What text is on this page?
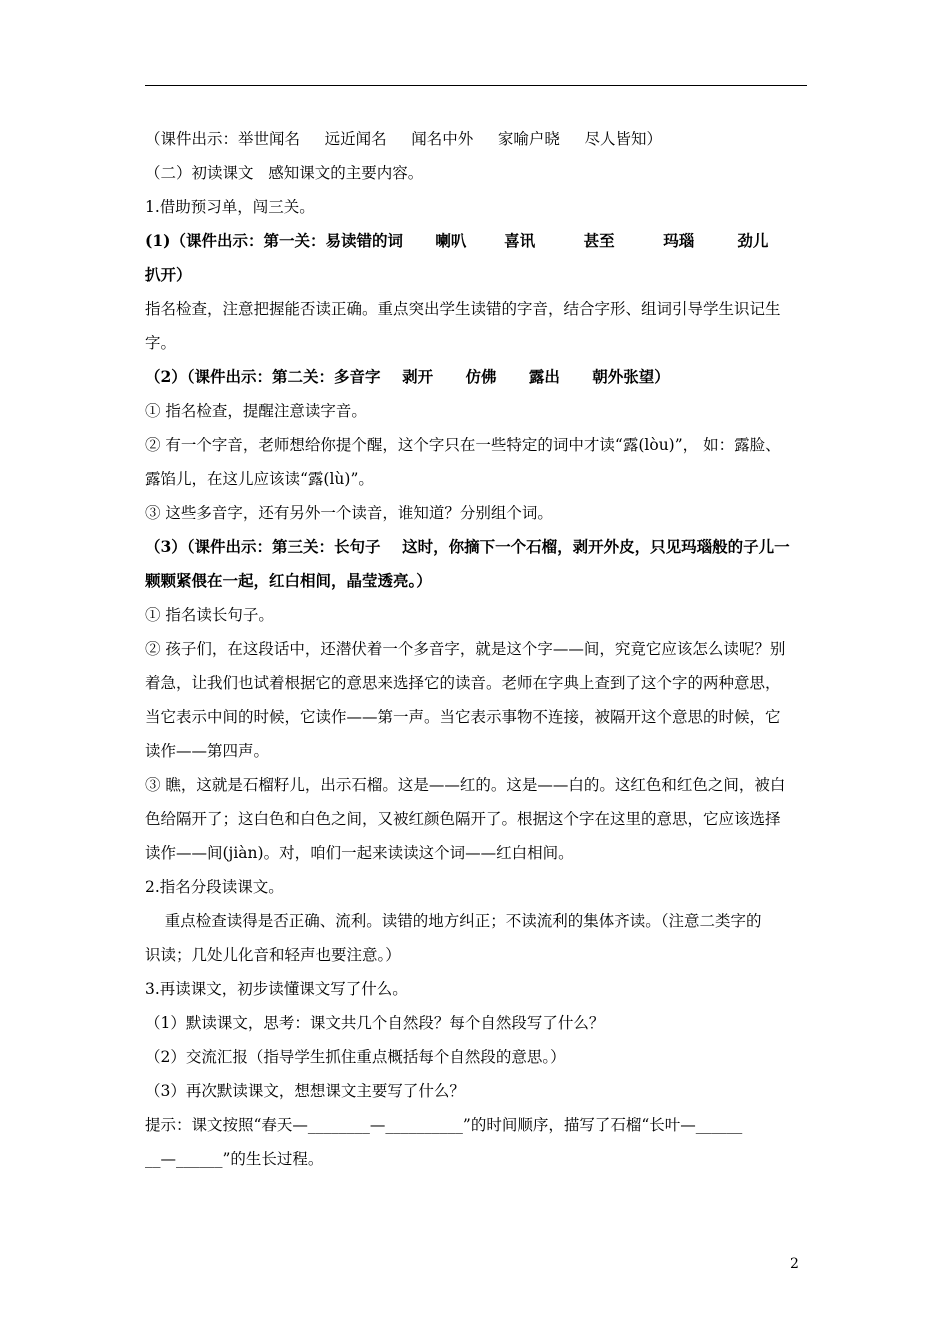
（课件出示：举世闻名     远近闻名     闻名中外     家喻户晓     尽人皆知）
（二）初读课文   感知课文的主要内容。
1.借助预习单，闯三关。
(1)（课件出示：第一关：易读错的词      喇叭       喜讯         甚至         玛瑙        劲儿
扒开）
指名检查，注意把握能否读正确。重点突出学生读错的字音，结合字形、组词引导学生识记生
字。
（2）（课件出示：第二关：多音字    剥开      仿佛      露出      朝外张望）
① 指名检查，提醒注意读字音。
② 有一个字音，老师想给你提个醒，这个字只在一些特定的词中才读“露(lòu)”， 如：露脸、
露馅儿，在这儿应该读“露(lù)”。
③ 这些多音字，还有另外一个读音，谁知道？分别组个词。
（3）（课件出示：第三关：长句子    这时，你摘下一个石榴，剥开外皮，只见玛瑙般的子儿一
颗颗紧偎在一起，红白相间，晶莹透亮。）
① 指名读长句子。
② 孩子们，在这段话中，还潜伏着一个多音字，就是这个字——间，究竟它应该怎么读呢？别
着急，让我们也试着根据它的意思来选择它的读音。老师在字典上查到了这个字的两种意思，
当它表示中间的时候，它读作——第一声。当它表示事物不连接，被隔开这个意思的时候，它
读作——第四声。
③ 瞧，这就是石榴籽儿，出示石榴。这是——红的。这是——白的。这红色和红色之间，被白
色给隔开了；这白色和白色之间，又被红颜色隔开了。根据这个字在这里的意思，它应该选择
读作——间(jiàn)。对，咱们一起来读读这个词——红白相间。
2.指名分段读课文。
重点检查读得是否正确、流利。读错的地方纠正；不读流利的集体齐读。（注意二类字的
识读；几处儿化音和轻声也要注意。）
3.再读课文，初步读懂课文写了什么。
（1）默读课文，思考：课文共几个自然段？每个自然段写了什么？
（2）交流汇报（指导学生抓住重点概括每个自然段的意思。）
（3）再次默读课文，想想课文主要写了什么？
提示：课文按照“春天—________—__________”的时间顺序，描写了石榴“长叶—______
__—______”的生长过程。
2
